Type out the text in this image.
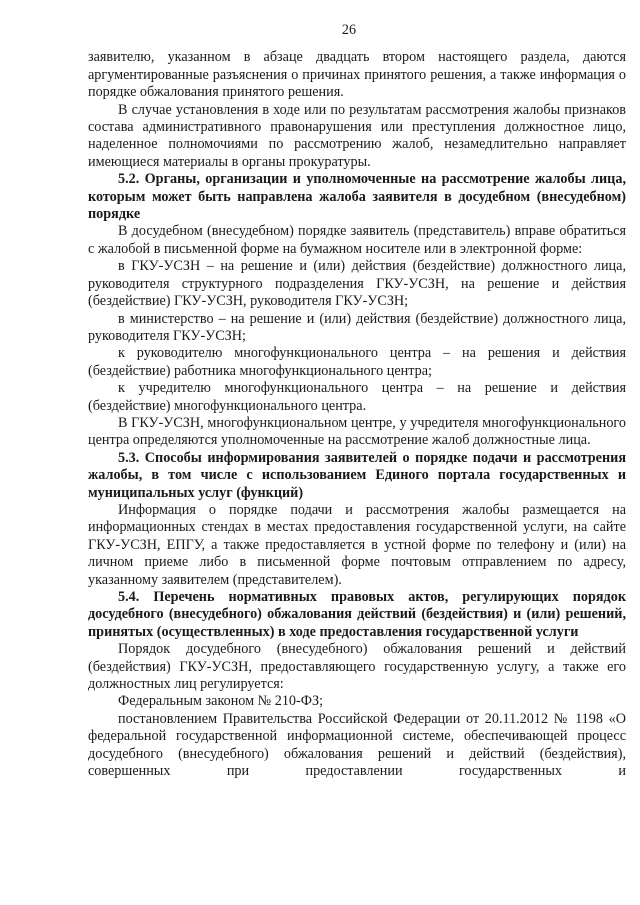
26

заявителю, указанном в абзаце двадцать втором настоящего раздела, даются аргументированные разъяснения о причинах принятого решения, а также информация о порядке обжалования принятого решения.

В случае установления в ходе или по результатам рассмотрения жалобы признаков состава административного правонарушения или преступления должностное лицо, наделенное полномочиями по рассмотрению жалоб, незамедлительно направляет имеющиеся материалы в органы прокуратуры.

5.2. Органы, организации и уполномоченные на рассмотрение жалобы лица, которым может быть направлена жалоба заявителя в досудебном (внесудебном) порядке

В досудебном (внесудебном) порядке заявитель (представитель) вправе обратиться с жалобой в письменной форме на бумажном носителе или в электронной форме:

в ГКУ-УСЗН – на решение и (или) действия (бездействие) должностного лица, руководителя структурного подразделения ГКУ-УСЗН, на решение и действия (бездействие) ГКУ-УСЗН, руководителя ГКУ-УСЗН;

в министерство – на решение и (или) действия (бездействие) должностного лица, руководителя ГКУ-УСЗН;

к руководителю многофункционального центра – на решения и действия (бездействие) работника многофункционального центра;

к учредителю многофункционального центра – на решение и действия (бездействие) многофункционального центра.

В ГКУ-УСЗН, многофункциональном центре, у учредителя многофункционального центра определяются уполномоченные на рассмотрение жалоб должностные лица.

5.3. Способы информирования заявителей о порядке подачи и рассмотрения жалобы, в том числе с использованием Единого портала государственных и муниципальных услуг (функций)

Информация о порядке подачи и рассмотрения жалобы размещается на информационных стендах в местах предоставления государственной услуги, на сайте ГКУ-УСЗН, ЕПГУ, а также предоставляется в устной форме по телефону и (или) на личном приеме либо в письменной форме почтовым отправлением по адресу, указанному заявителем (представителем).

5.4. Перечень нормативных правовых актов, регулирующих порядок досудебного (внесудебного) обжалования действий (бездействия) и (или) решений, принятых (осуществленных) в ходе предоставления государственной услуги

Порядок досудебного (внесудебного) обжалования решений и действий (бездействия) ГКУ-УСЗН, предоставляющего государственную услугу, а также его должностных лиц регулируется:

Федеральным законом № 210-ФЗ;

постановлением Правительства Российской Федерации от 20.11.2012 № 1198 «О федеральной государственной информационной системе, обеспечивающей процесс досудебного (внесудебного) обжалования решений и действий (бездействия), совершенных при предоставлении государственных и
